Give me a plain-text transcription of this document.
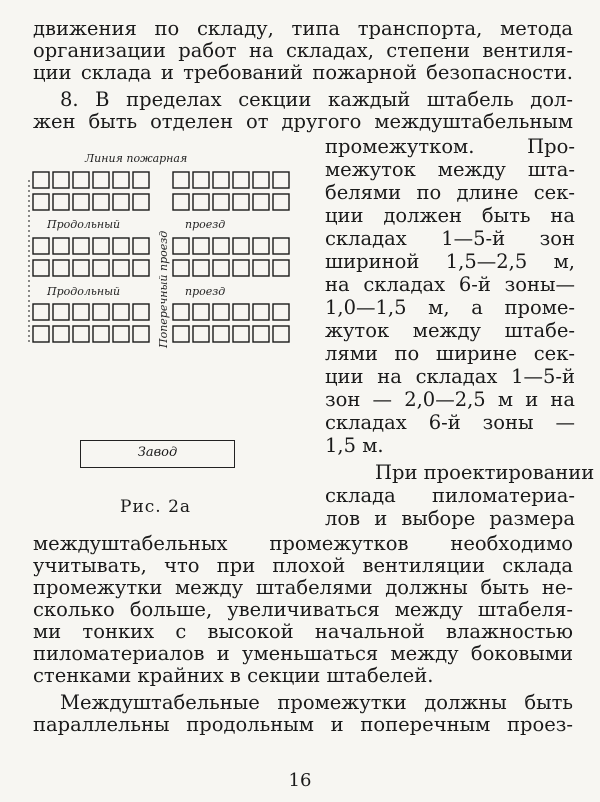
движения по складу, типа транспорта, метода
организации работ на складах, степени вентиля-
ции склада и требований пожарной безопасности.
8. В пределах секции каждый штабель дол-
жен быть отделен от другого междуштабельным
промежутком. Про-
межуток между шта-
белями по длине сек-
ции должен быть на
складах 1—5-й зон
шириной 1,5—2,5 м,
на складах 6-й зоны—
1,0—1,5 м, а проме-
жуток между штабе-
лями по ширине сек-
ции на складах 1—5-й
зон — 2,0—2,5 м и на
складах 6-й зоны —
1,5 м.
При проектировании
склада пиломатериа-
лов и выборе размера
междуштабельных промежутков необходимо
учитывать, что при плохой вентиляции склада
промежутки между штабелями должны быть не-
сколько больше, увеличиваться между штабеля-
ми тонких с высокой начальной влажностью
пиломатериалов и уменьшаться между боковыми
стенками крайних в секции штабелей.
Междуштабельные промежутки должны быть
параллельны продольным и поперечным проез-
Линия пожарная
Продольный	проезд
Продольный	проезд
Поперечный проезд
Завод
Рис. 2а
16
